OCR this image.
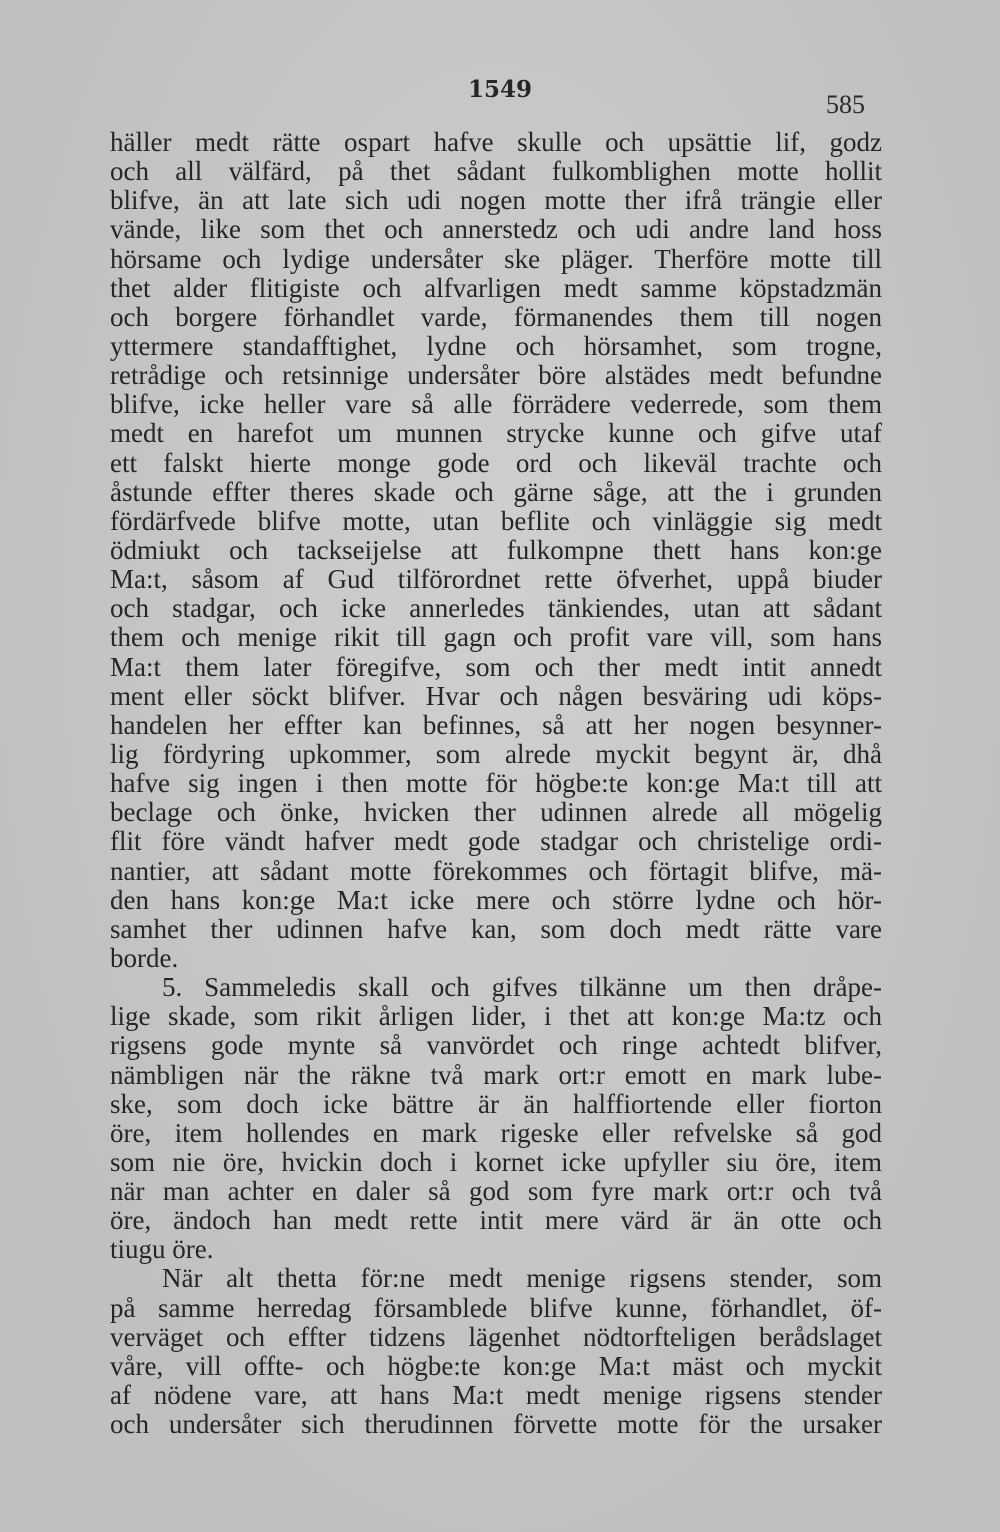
1549
585
häller medt rätte ospart hafve skulle och upsättie lif, godz
och all välfärd, på thet sådant fulkomblighen motte hollit
blifve, än att late sich udi nogen motte ther ifrå trängie eller
vände, like som thet och annerstedz och udi andre land hoss
hörsame och lydige undersåter ske pläger. Therföre motte till
thet alder flitigiste och alfvarligen medt samme köpstadzmän
och borgere förhandlet varde, förmanendes them till nogen
yttermere standafftighet, lydne och hörsamhet, som trogne,
retrådige och retsinnige undersåter böre alstädes medt befundne
blifve, icke heller vare så alle förrädere vederrede, som them
medt en harefot um munnen strycke kunne och gifve utaf
ett falskt hierte monge gode ord och likeväl trachte och
åstunde effter theres skade och gärne såge, att the i grunden
fördärfvede blifve motte, utan beflite och vinläggie sig medt
ödmiukt och tackseijelse att fulkompne thett hans kon:ge
Ma:t, såsom af Gud tilförordnet rette öfverhet, uppå biuder
och stadgar, och icke annerledes tänkiendes, utan att sådant
them och menige rikit till gagn och profit vare vill, som hans
Ma:t them later föregifve, som och ther medt intit annedt
ment eller söckt blifver. Hvar och någen besväring udi köps-
handelen her effter kan befinnes, så att her nogen besynner-
lig fördyring upkommer, som alrede myckit begynt är, dhå
hafve sig ingen i then motte för högbe:te kon:ge Ma:t till att
beclage och önke, hvicken ther udinnen alrede all mögelig
flit före vändt hafver medt gode stadgar och christelige ordi-
nantier, att sådant motte förekommes och förtagit blifve, mä-
den hans kon:ge Ma:t icke mere och större lydne och hör-
samhet ther udinnen hafve kan, som doch medt rätte vare
borde.
5. Sammeledis skall och gifves tilkänne um then dråpe-
lige skade, som rikit årligen lider, i thet att kon:ge Ma:tz och
rigsens gode mynte så vanvördet och ringe achtedt blifver,
nämbligen när the räkne två mark ort:r emott en mark lube-
ske, som doch icke bättre är än halffiortende eller fiorton
öre, item hollendes en mark rigeske eller refvelske så god
som nie öre, hvickin doch i kornet icke upfyller siu öre, item
när man achter en daler så god som fyre mark ort:r och två
öre, ändoch han medt rette intit mere värd är än otte och
tiugu öre.
När alt thetta för:ne medt menige rigsens stender, som
på samme herredag församblede blifve kunne, förhandlet, öf-
verväget och effter tidzens lägenhet nödtorfteligen berådslaget
våre, vill offte- och högbe:te kon:ge Ma:t mäst och myckit
af nödene vare, att hans Ma:t medt menige rigsens stender
och undersåter sich therudinnen förvette motte för the ursaker
